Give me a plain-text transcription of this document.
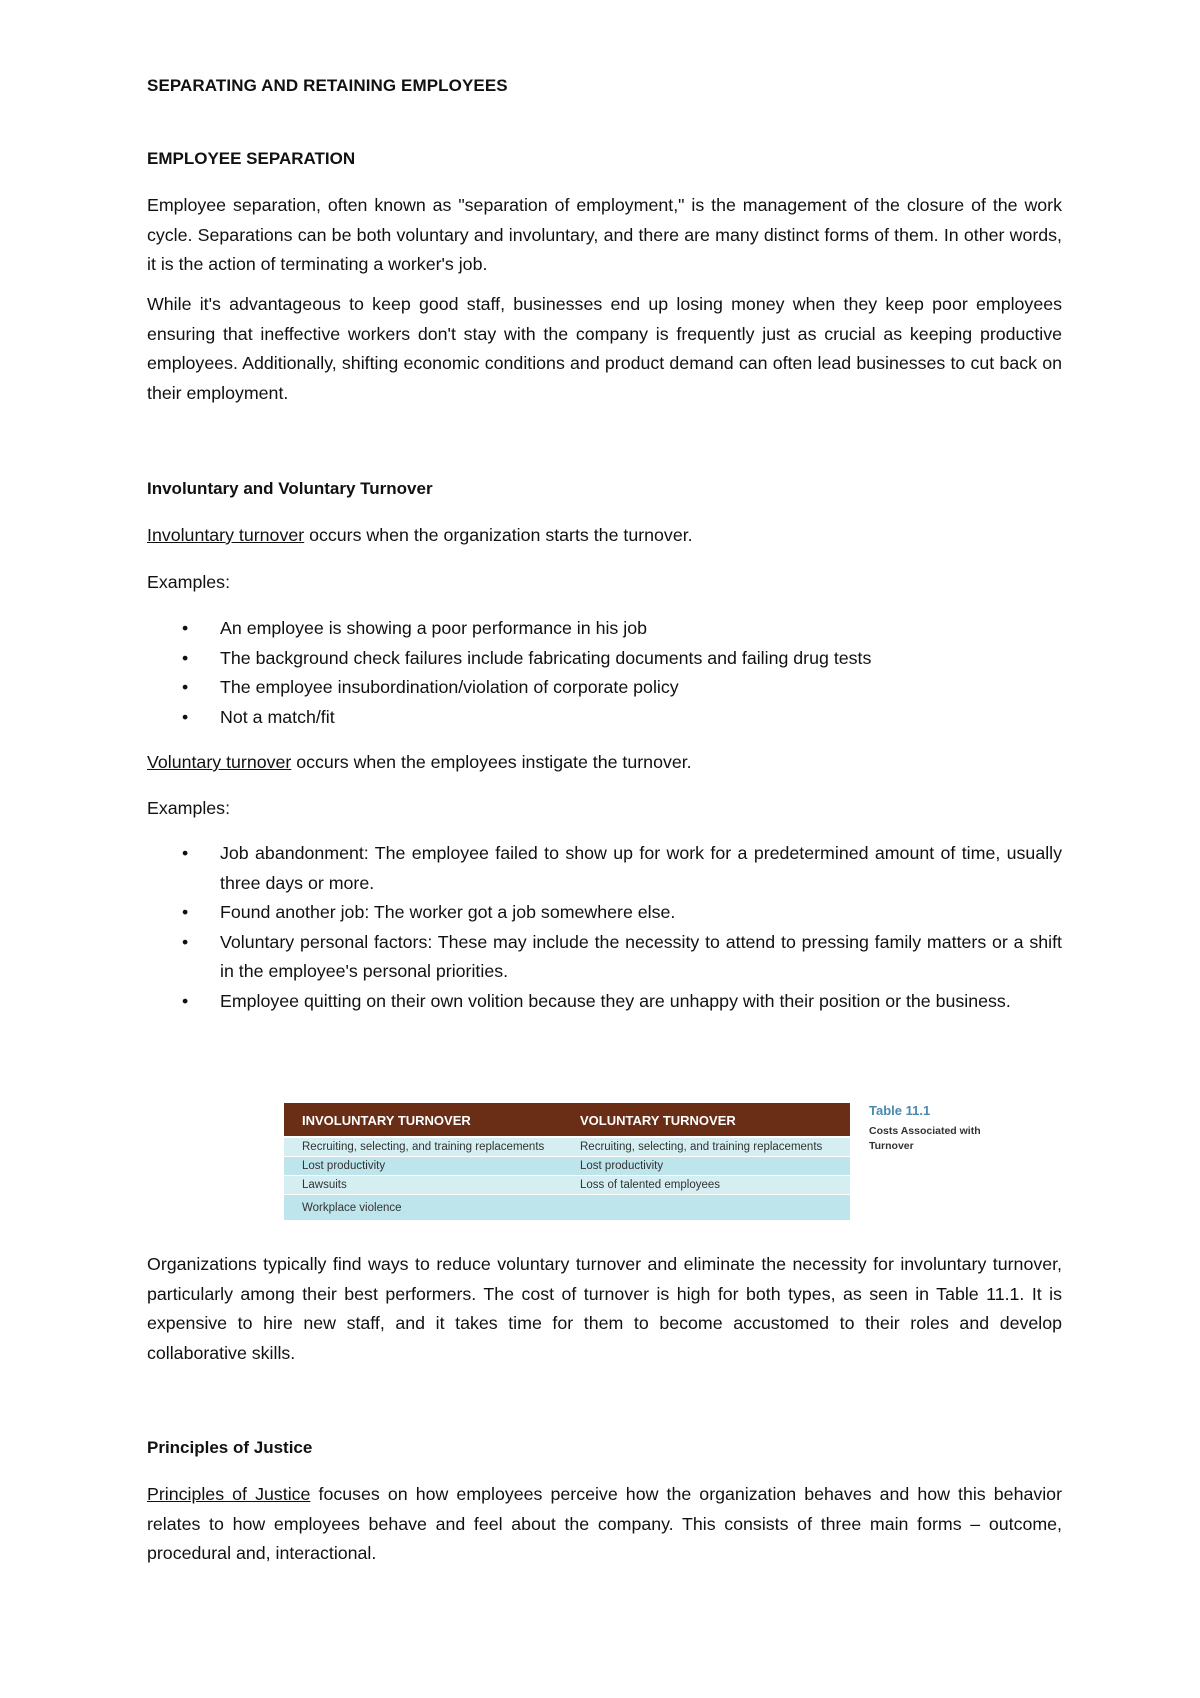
SEPARATING AND RETAINING EMPLOYEES
EMPLOYEE SEPARATION

Employee separation, often known as "separation of employment," is the management of the closure of the work cycle. Separations can be both voluntary and involuntary, and there are many distinct forms of them. In other words, it is the action of terminating a worker's job.

While it's advantageous to keep good staff, businesses end up losing money when they keep poor employees ensuring that ineffective workers don't stay with the company is frequently just as crucial as keeping productive employees. Additionally, shifting economic conditions and product demand can often lead businesses to cut back on their employment.

Involuntary and Voluntary Turnover
Involuntary turnover occurs when the organization starts the turnover.
Examples:
• An employee is showing a poor performance in his job
• The background check failures include fabricating documents and failing drug tests
• The employee insubordination/violation of corporate policy
• Not a match/fit
Voluntary turnover occurs when the employees instigate the turnover.
Examples:
• Job abandonment: The employee failed to show up for work for a predetermined amount of time, usually three days or more.
• Found another job: The worker got a job somewhere else.
• Voluntary personal factors: These may include the necessity to attend to pressing family matters or a shift in the employee's personal priorities.
• Employee quitting on their own volition because they are unhappy with their position or the business.

Organizations typically find ways to reduce voluntary turnover and eliminate the necessity for involuntary turnover, particularly among their best performers. The cost of turnover is high for both types, as seen in Table 11.1. It is expensive to hire new staff, and it takes time for them to become accustomed to their roles and develop collaborative skills.

Principles of Justice

Principles of Justice focuses on how employees perceive how the organization behaves and how this behavior relates to how employees behave and feel about the company. This consists of three main forms – outcome, procedural and, interactional.

INVOLUNTARY TURNOVER	VOLUNTARY TURNOVER
Recruiting, selecting, and training replacements	Recruiting, selecting, and training replacements
Lost productivity	Lost productivity
Lawsuits	Loss of talented employees
Workplace violence	
Table 11.1
Costs Associated with Turnover
